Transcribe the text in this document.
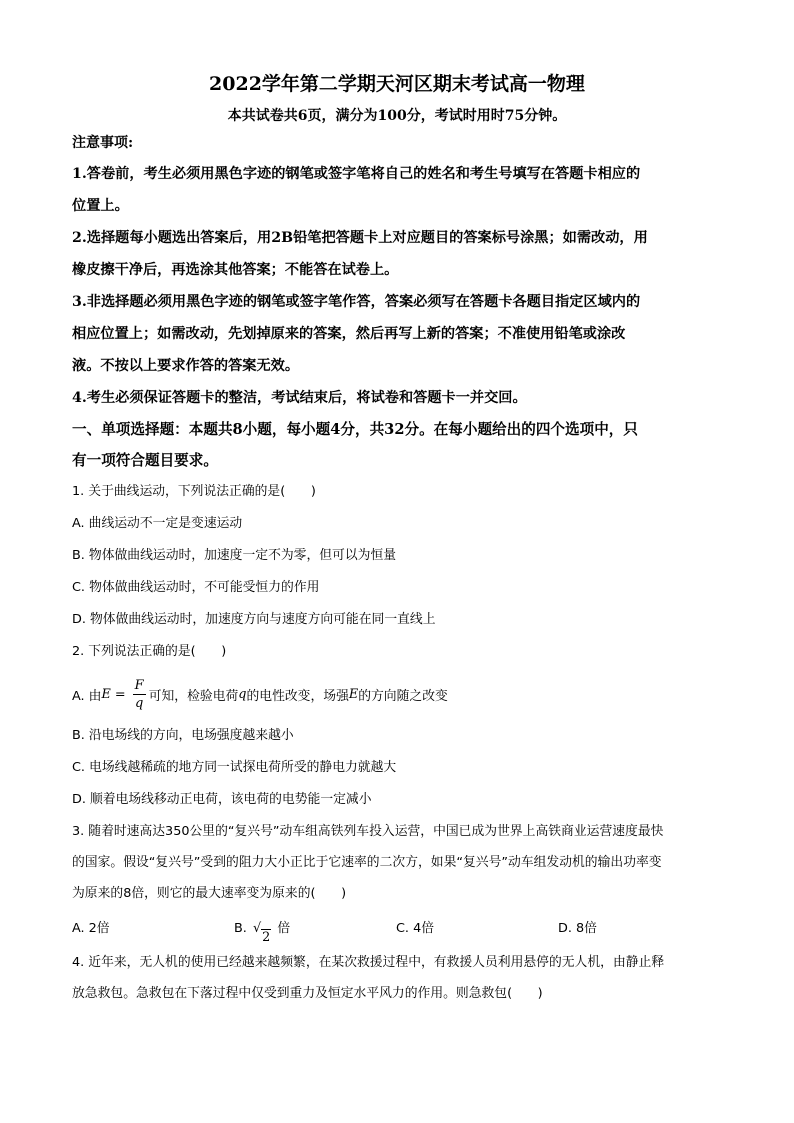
2022学年第二学期天河区期末考试高一物理
本共试卷共6页，满分为100分，考试时用时75分钟。
注意事项:
1.答卷前，考生必须用黑色字迹的钢笔或签字笔将自己的姓名和考生号填写在答题卡相应的
位置上。
2.选择题每小题选出答案后，用2B铅笔把答题卡上对应题目的答案标号涂黑；如需改动，用
橡皮擦干净后，再选涂其他答案；不能答在试卷上。
3.非选择题必须用黑色字迹的钢笔或签字笔作答，答案必须写在答题卡各题目指定区域内的
相应位置上；如需改动，先划掉原来的答案，然后再写上新的答案；不准使用铅笔或涂改
液。不按以上要求作答的答案无效。
4.考生必须保证答题卡的整洁，考试结束后，将试卷和答题卡一并交回。
一、单项选择题：本题共8小题，每小题4分，共32分。在每小题给出的四个选项中，只
有一项符合题目要求。
1. 关于曲线运动，下列说法正确的是(　　)
A. 曲线运动不一定是变速运动
B. 物体做曲线运动时，加速度一定不为零，但可以为恒量
C. 物体做曲线运动时，不可能受恒力的作用
D. 物体做曲线运动时，加速度方向与速度方向可能在同一直线上
2. 下列说法正确的是(　　)
A. 由 $E = \frac{F}{q}$ 可知，检验电荷 q 的电性改变，场强 E 的方向随之改变
B. 沿电场线的方向，电场强度越来越小
C. 电场线越稀疏的地方同一试探电荷所受的静电力就越大
D. 顺着电场线移动正电荷，该电荷的电势能一定减小
3. 随着时速高达350公里的“复兴号”动车组高铁列车投入运营，中国已成为世界上高铁商业运营速度最快
的国家。假设“复兴号”受到的阻力大小正比于它速率的二次方，如果“复兴号”动车组发动机的输出功率变
为原来的8倍，则它的最大速率变为原来的(　　)
A. 2倍	B. √
2
倍	C. 4倍	D. 8倍
4. 近年来，无人机的使用已经越来越频繁，在某次救援过程中，有救援人员利用悬停的无人机，由静止释
放急救包。急救包在下落过程中仅受到重力及恒定水平风力的作用。则急救包(　　)
